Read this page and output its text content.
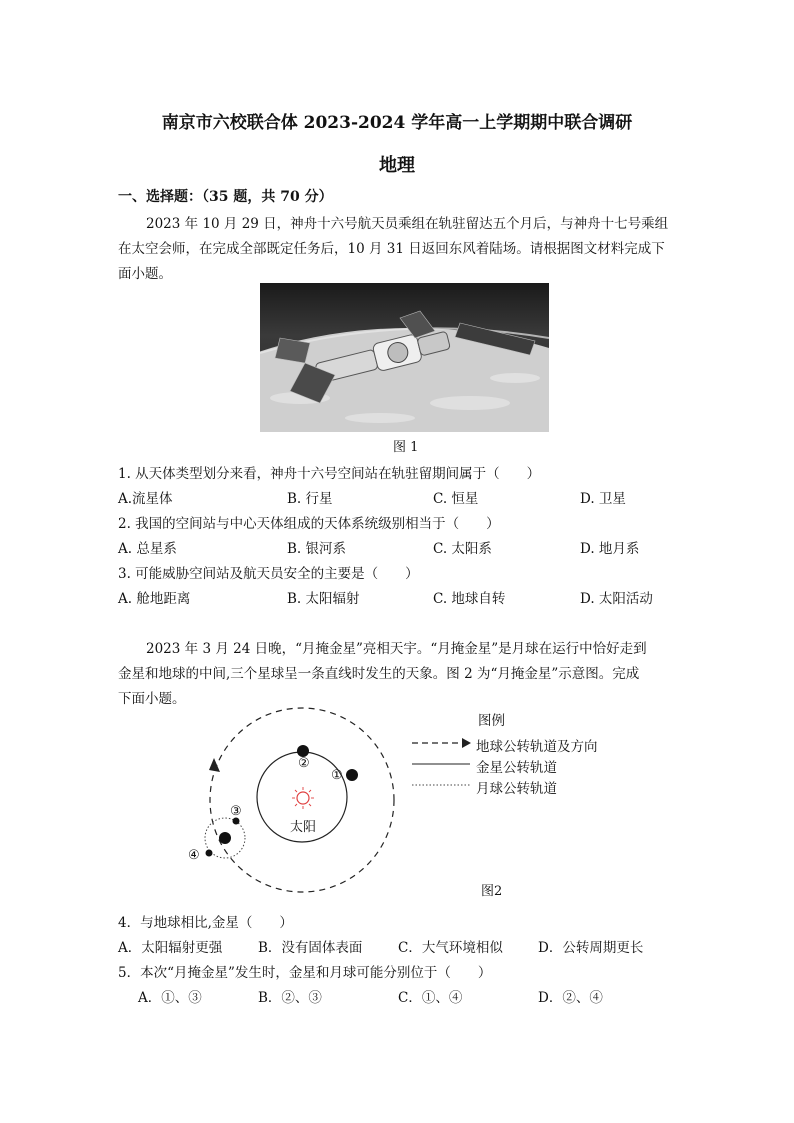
南京市六校联合体 2023-2024 学年高一上学期期中联合调研
地理
一、选择题：（35 题，共 70 分）
2023 年 10 月 29 日，神舟十六号航天员乘组在轨驻留达五个月后，与神舟十七号乘组
在太空会师，在完成全部既定任务后，10 月 31 日返回东风着陆场。请根据图文材料完成下
面小题。
图 1
1. 从天体类型划分来看，神舟十六号空间站在轨驻留期间属于（　　）
A.流星体	B. 行星	C. 恒星	D. 卫星
2. 我国的空间站与中心天体组成的天体系统级别相当于（　　）
A. 总星系	B. 银河系	C. 太阳系	D. 地月系
3. 可能威胁空间站及航天员安全的主要是（　　）
A. 舱地距离	B. 太阳辐射	C. 地球自转	D. 太阳活动
2023 年 3 月 24 日晚，“月掩金星”亮相天宇。“月掩金星”是月球在运行中恰好走到
金星和地球的中间,三个星球呈一条直线时发生的天象。图 2 为“月掩金星”示意图。完成
下面小题。
②
①
③
④
太阳
图例
地球公转轨道及方向
金星公转轨道
月球公转轨道
图2
4．与地球相比,金星（　　）
A．太阳辐射更强	B．没有固体表面	C．大气环境相似	D．公转周期更长
5．本次“月掩金星”发生时，金星和月球可能分别位于（　　）
A．①、③	B．②、③	C．①、④	D．②、④
